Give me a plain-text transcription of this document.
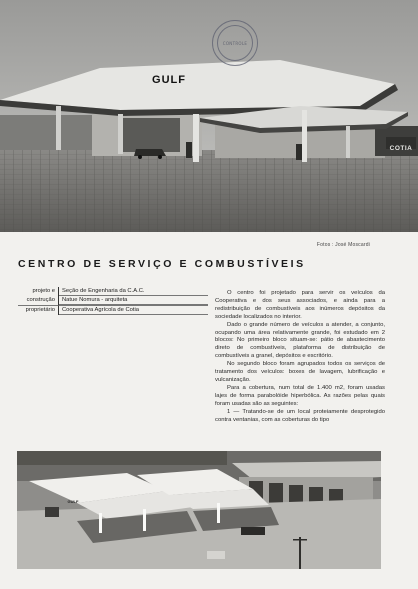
GULF
COTIA
CONTROLE
Fotos : José Moscardi
CENTRO DE SERVIÇO E COMBUSTÍVEIS
projeto e	Seção de Engenharia da C.A.C.
construção	Natue Nomura - arquiteta
proprietário	Cooperativa Agrícola de Cotia

O centro foi projetado para servir os veículos da Cooperativa e dos seus associados, e ainda para a redistribuição de combustíveis aos inúmeros depósitos da sociedade localizados no interior.

Dado o grande número de veículos a atender, a conjunto, ocupando uma área relativamente grande, foi estudado em 2 blocos: No primeiro bloco situam-se: pátio de abastecimento direto de combustíveis, plataforma de distribuição de combustíveis a granel, depósitos e escritório.

No segundo bloco foram agrupados todos os serviços de tratamento dos veículos: boxes de lavagem, lubrificação e vulcanização.

Para a cobertura, num total de 1.400 m2, foram usadas lajes de forma parabolóide hiperbólica. As razões pelas quais foram usadas são as seguintes:

1 — Tratando-se de um local proteiamente desprotegido contra ventanias, com as coberturas do tipo

GULF
